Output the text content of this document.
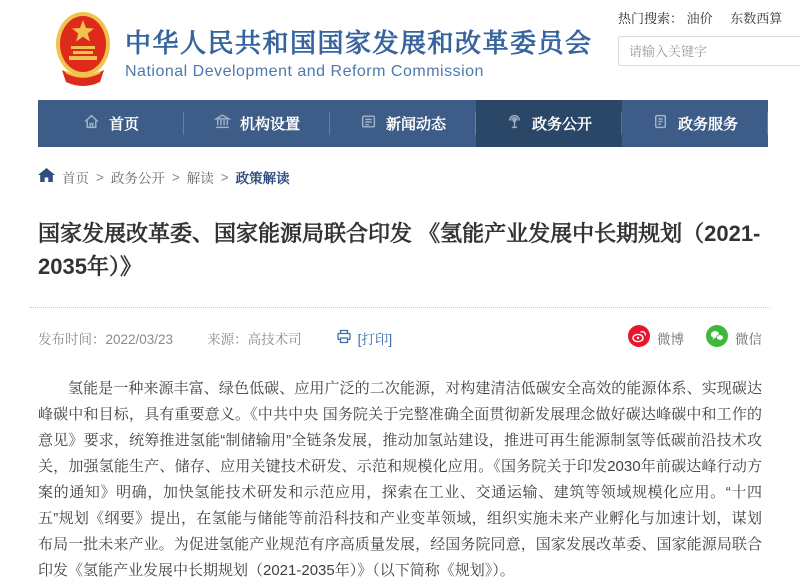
中华人民共和国国家发展和改革委员会
National Development and Reform Commission
热门搜索： 油价 东数西算
请输入关键字
首页	机构设置	新闻动态	政务公开	政务服务
首页 > 政务公开 > 解读 > 政策解读
国家发展改革委、国家能源局联合印发 《氢能产业发展中长期规划（2021-2035年）》
发布时间：2022/03/23	来源：高技术司	[打印]	微博	微信

氢能是一种来源丰富、绿色低碳、应用广泛的二次能源，对构建清洁低碳安全高效的能源体系、实现碳达峰碳中和目标，具有重要意义。《中共中央 国务院关于完整准确全面贯彻新发展理念做好碳达峰碳中和工作的意见》要求，统筹推进氢能“制储输用”全链条发展，推动加氢站建设，推进可再生能源制氢等低碳前沿技术攻关，加强氢能生产、储存、应用关键技术研发、示范和规模化应用。《国务院关于印发2030年前碳达峰行动方案的通知》明确，加快氢能技术研发和示范应用，探索在工业、交通运输、建筑等领域规模化应用。“十四五”规划《纲要》提出，在氢能与储能等前沿科技和产业变革领域，组织实施未来产业孵化与加速计划，谋划布局一批未来产业。为促进氢能产业规范有序高质量发展，经国务院同意，国家发展改革委、国家能源局联合印发《氢能产业发展中长期规划（2021-2035年）》（以下简称《规划》）。
